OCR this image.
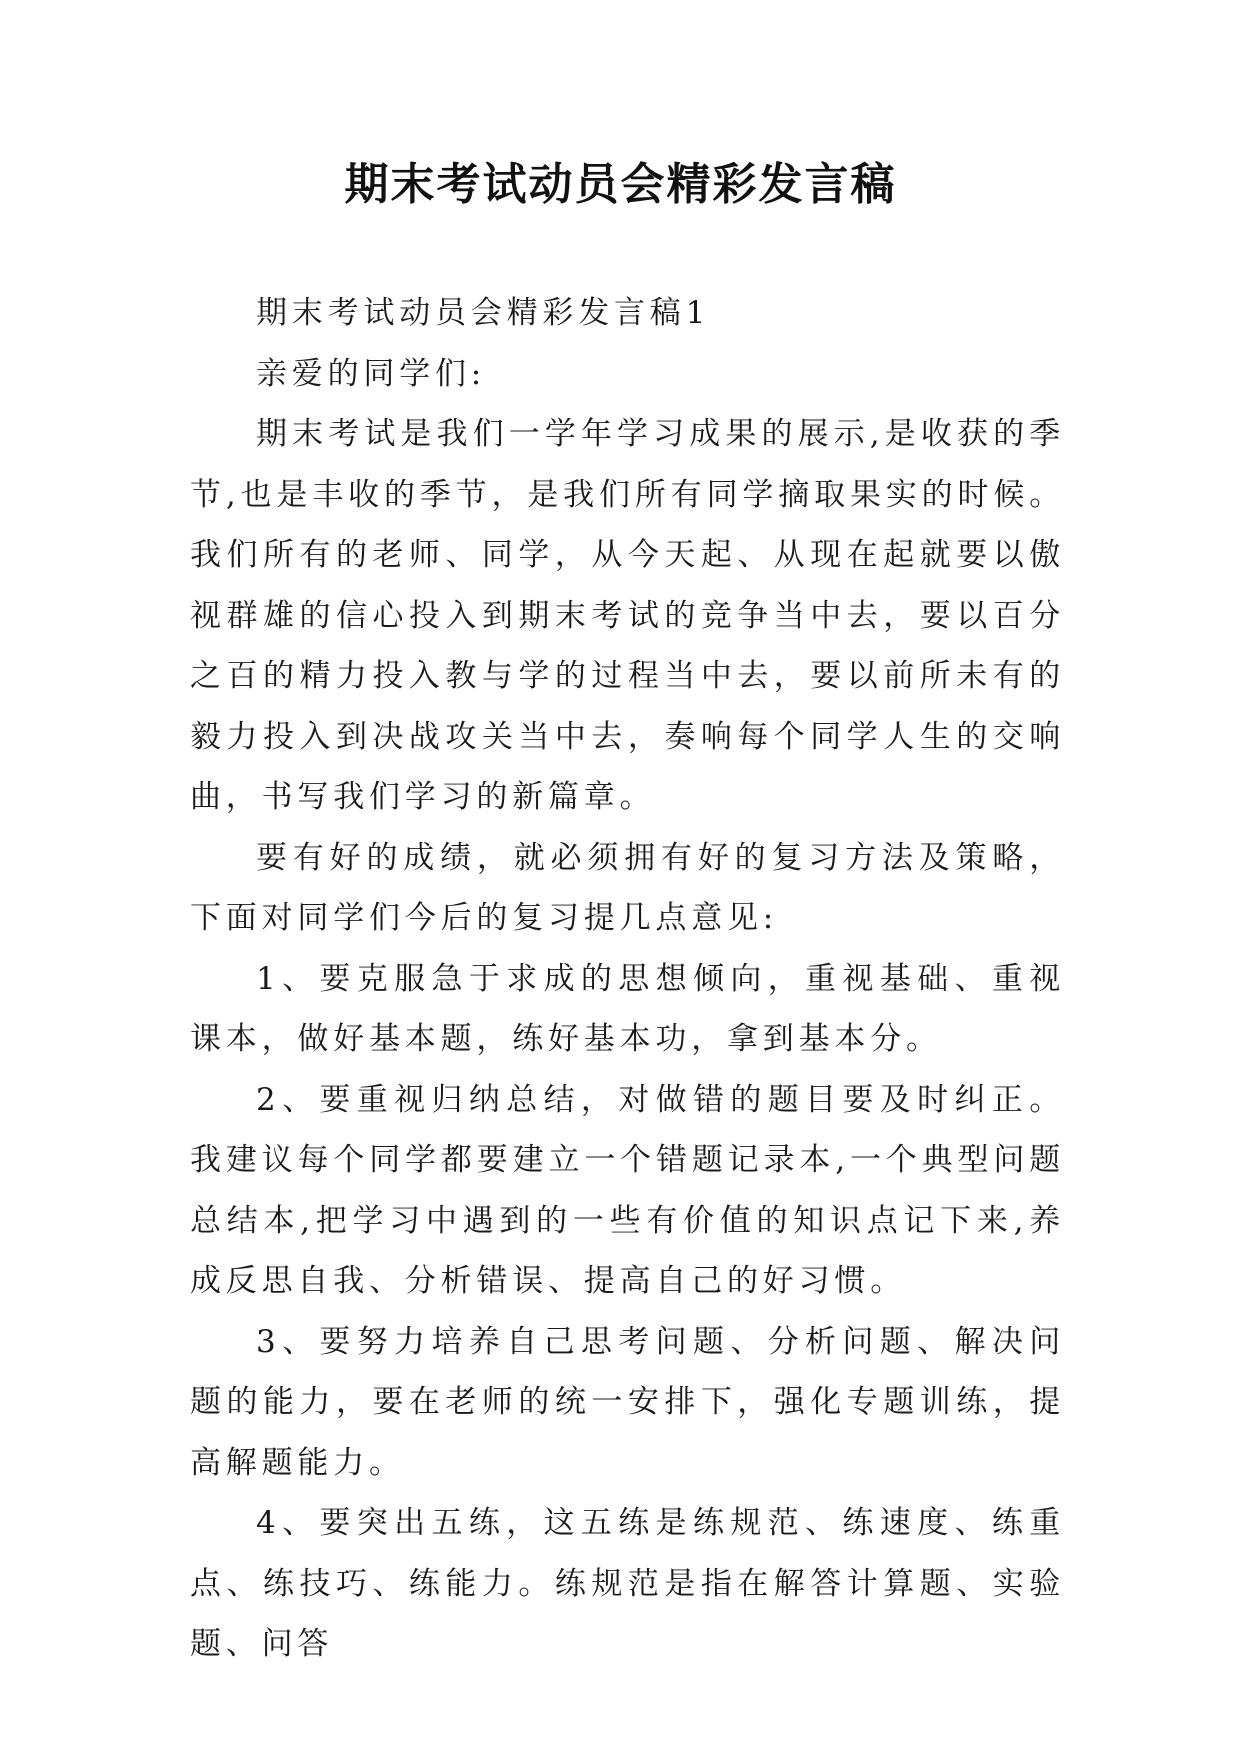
期末考试动员会精彩发言稿

期末考试动员会精彩发言稿1

亲爱的同学们:

期末考试是我们一学年学习成果的展示,是收获的季节,也是丰收的季节，是我们所有同学摘取果实的时候。我们所有的老师、同学，从今天起、从现在起就要以傲视群雄的信心投入到期末考试的竞争当中去，要以百分之百的精力投入教与学的过程当中去，要以前所未有的毅力投入到决战攻关当中去，奏响每个同学人生的交响曲，书写我们学习的新篇章。

要有好的成绩，就必须拥有好的复习方法及策略，下面对同学们今后的复习提几点意见:

1、要克服急于求成的思想倾向，重视基础、重视课本，做好基本题，练好基本功，拿到基本分。

2、要重视归纳总结，对做错的题目要及时纠正。我建议每个同学都要建立一个错题记录本,一个典型问题总结本,把学习中遇到的一些有价值的知识点记下来,养成反思自我、分析错误、提高自己的好习惯。

3、要努力培养自己思考问题、分析问题、解决问题的能力，要在老师的统一安排下，强化专题训练，提高解题能力。

4、要突出五练，这五练是练规范、练速度、练重点、练技巧、练能力。练规范是指在解答计算题、实验题、问答
